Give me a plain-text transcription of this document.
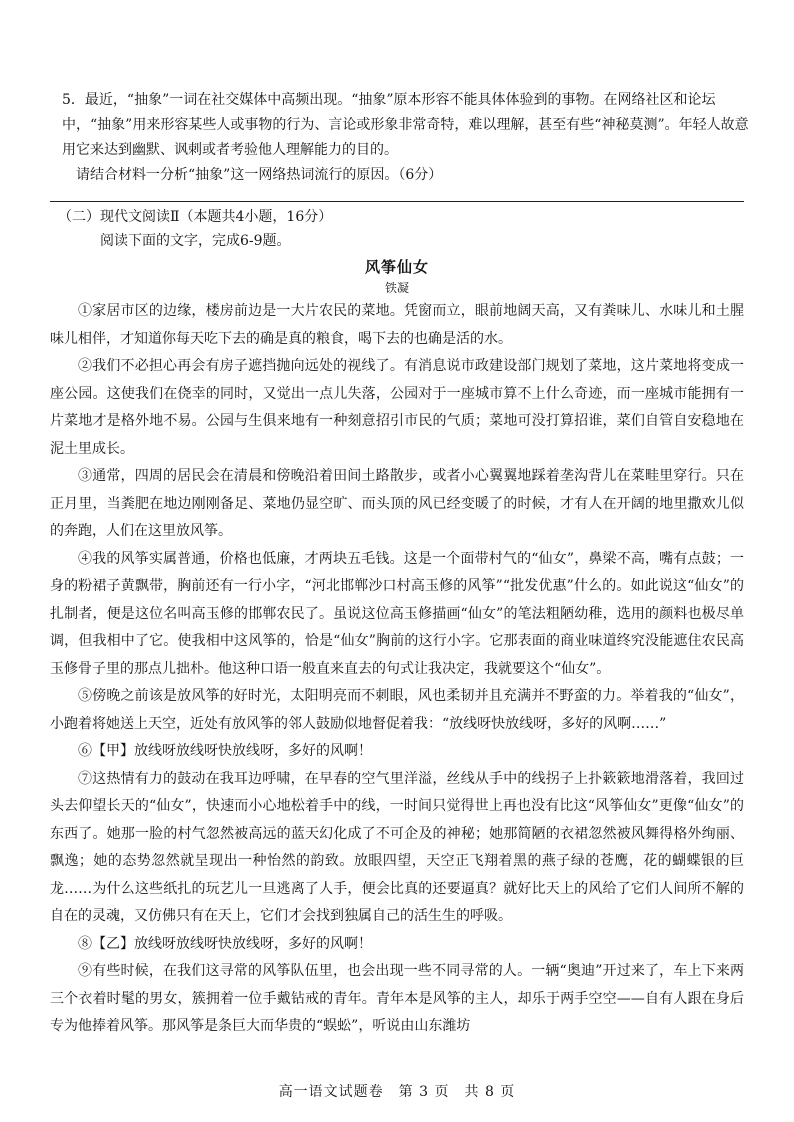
5．最近，“抽象”一词在社交媒体中高频出现。“抽象”原本形容不能具体体验到的事物。在网络社区和论坛中，“抽象”用来形容某些人或事物的行为、言论或形象非常奇特，难以理解，甚至有些“神秘莫测”。年轻人故意用它来达到幽默、讽刺或者考验他人理解能力的目的。
请结合材料一分析“抽象”这一网络热词流行的原因。（6分）
（二）现代文阅读Ⅱ（本题共4小题，16分）
阅读下面的文字，完成6-9题。
风筝仙女
铁凝

①家居市区的边缘，楼房前边是一大片农民的菜地。凭窗而立，眼前地阔天高，又有粪味儿、水味儿和土腥味儿相伴，才知道你每天吃下去的确是真的粮食，喝下去的也确是活的水。

②我们不必担心再会有房子遮挡抛向远处的视线了。有消息说市政建设部门规划了菜地，这片菜地将变成一座公园。这使我们在侥幸的同时，又觉出一点儿失落，公园对于一座城市算不上什么奇迹，而一座城市能拥有一片菜地才是格外地不易。公园与生俱来地有一种刻意招引市民的气质；菜地可没打算招谁，菜们自管自安稳地在泥土里成长。

③通常，四周的居民会在清晨和傍晚沿着田间土路散步，或者小心翼翼地踩着垄沟背儿在菜畦里穿行。只在正月里，当粪肥在地边刚刚备足、菜地仍显空旷、而头顶的风已经变暖了的时候，才有人在开阔的地里撒欢儿似的奔跑，人们在这里放风筝。

④我的风筝实属普通，价格也低廉，才两块五毛钱。这是一个面带村气的“仙女”，鼻梁不高，嘴有点鼓；一身的粉裙子黄飘带，胸前还有一行小字，“河北邯郸沙口村高玉修的风筝”“批发优惠”什么的。如此说这“仙女”的扎制者，便是这位名叫高玉修的邯郸农民了。虽说这位高玉修描画“仙女”的笔法粗陋幼稚，选用的颜料也极尽单调，但我相中了它。使我相中这风筝的，恰是“仙女”胸前的这行小字。它那表面的商业味道终究没能遮住农民高玉修骨子里的那点儿拙朴。他这种口语一般直来直去的句式让我决定，我就要这个“仙女”。

⑤傍晚之前该是放风筝的好时光，太阳明亮而不刺眼，风也柔韧并且充满并不野蛮的力。举着我的“仙女”，小跑着将她送上天空，近处有放风筝的邻人鼓励似地督促着我：“放线呀快放线呀，多好的风啊……”

⑥【甲】放线呀放线呀快放线呀，多好的风啊！

⑦这热情有力的鼓动在我耳边呼啸，在早春的空气里洋溢，丝线从手中的线拐子上扑簌簌地滑落着，我回过头去仰望长天的“仙女”，快速而小心地松着手中的线，一时间只觉得世上再也没有比这“风筝仙女”更像“仙女”的东西了。她那一脸的村气忽然被高远的蓝天幻化成了不可企及的神秘；她那简陋的衣裙忽然被风舞得格外绚丽、飘逸；她的态势忽然就呈现出一种怡然的韵致。放眼四望，天空正飞翔着黑的燕子绿的苍鹰，花的蝴蝶银的巨龙……为什么这些纸扎的玩艺儿一旦逃离了人手，便会比真的还要逼真？就好比天上的风给了它们人间所不解的自在的灵魂，又仿佛只有在天上，它们才会找到独属自己的活生生的呼吸。

⑧【乙】放线呀放线呀快放线呀，多好的风啊！

⑨有些时候，在我们这寻常的风筝队伍里，也会出现一些不同寻常的人。一辆“奥迪”开过来了，车上下来两三个衣着时髦的男女，簇拥着一位手戴钻戒的青年。青年本是风筝的主人，却乐于两手空空——自有人跟在身后专为他捧着风筝。那风筝是条巨大而华贵的“蜈蚣”，听说由山东潍坊

高一语文试题卷　第 3 页　共 8 页
